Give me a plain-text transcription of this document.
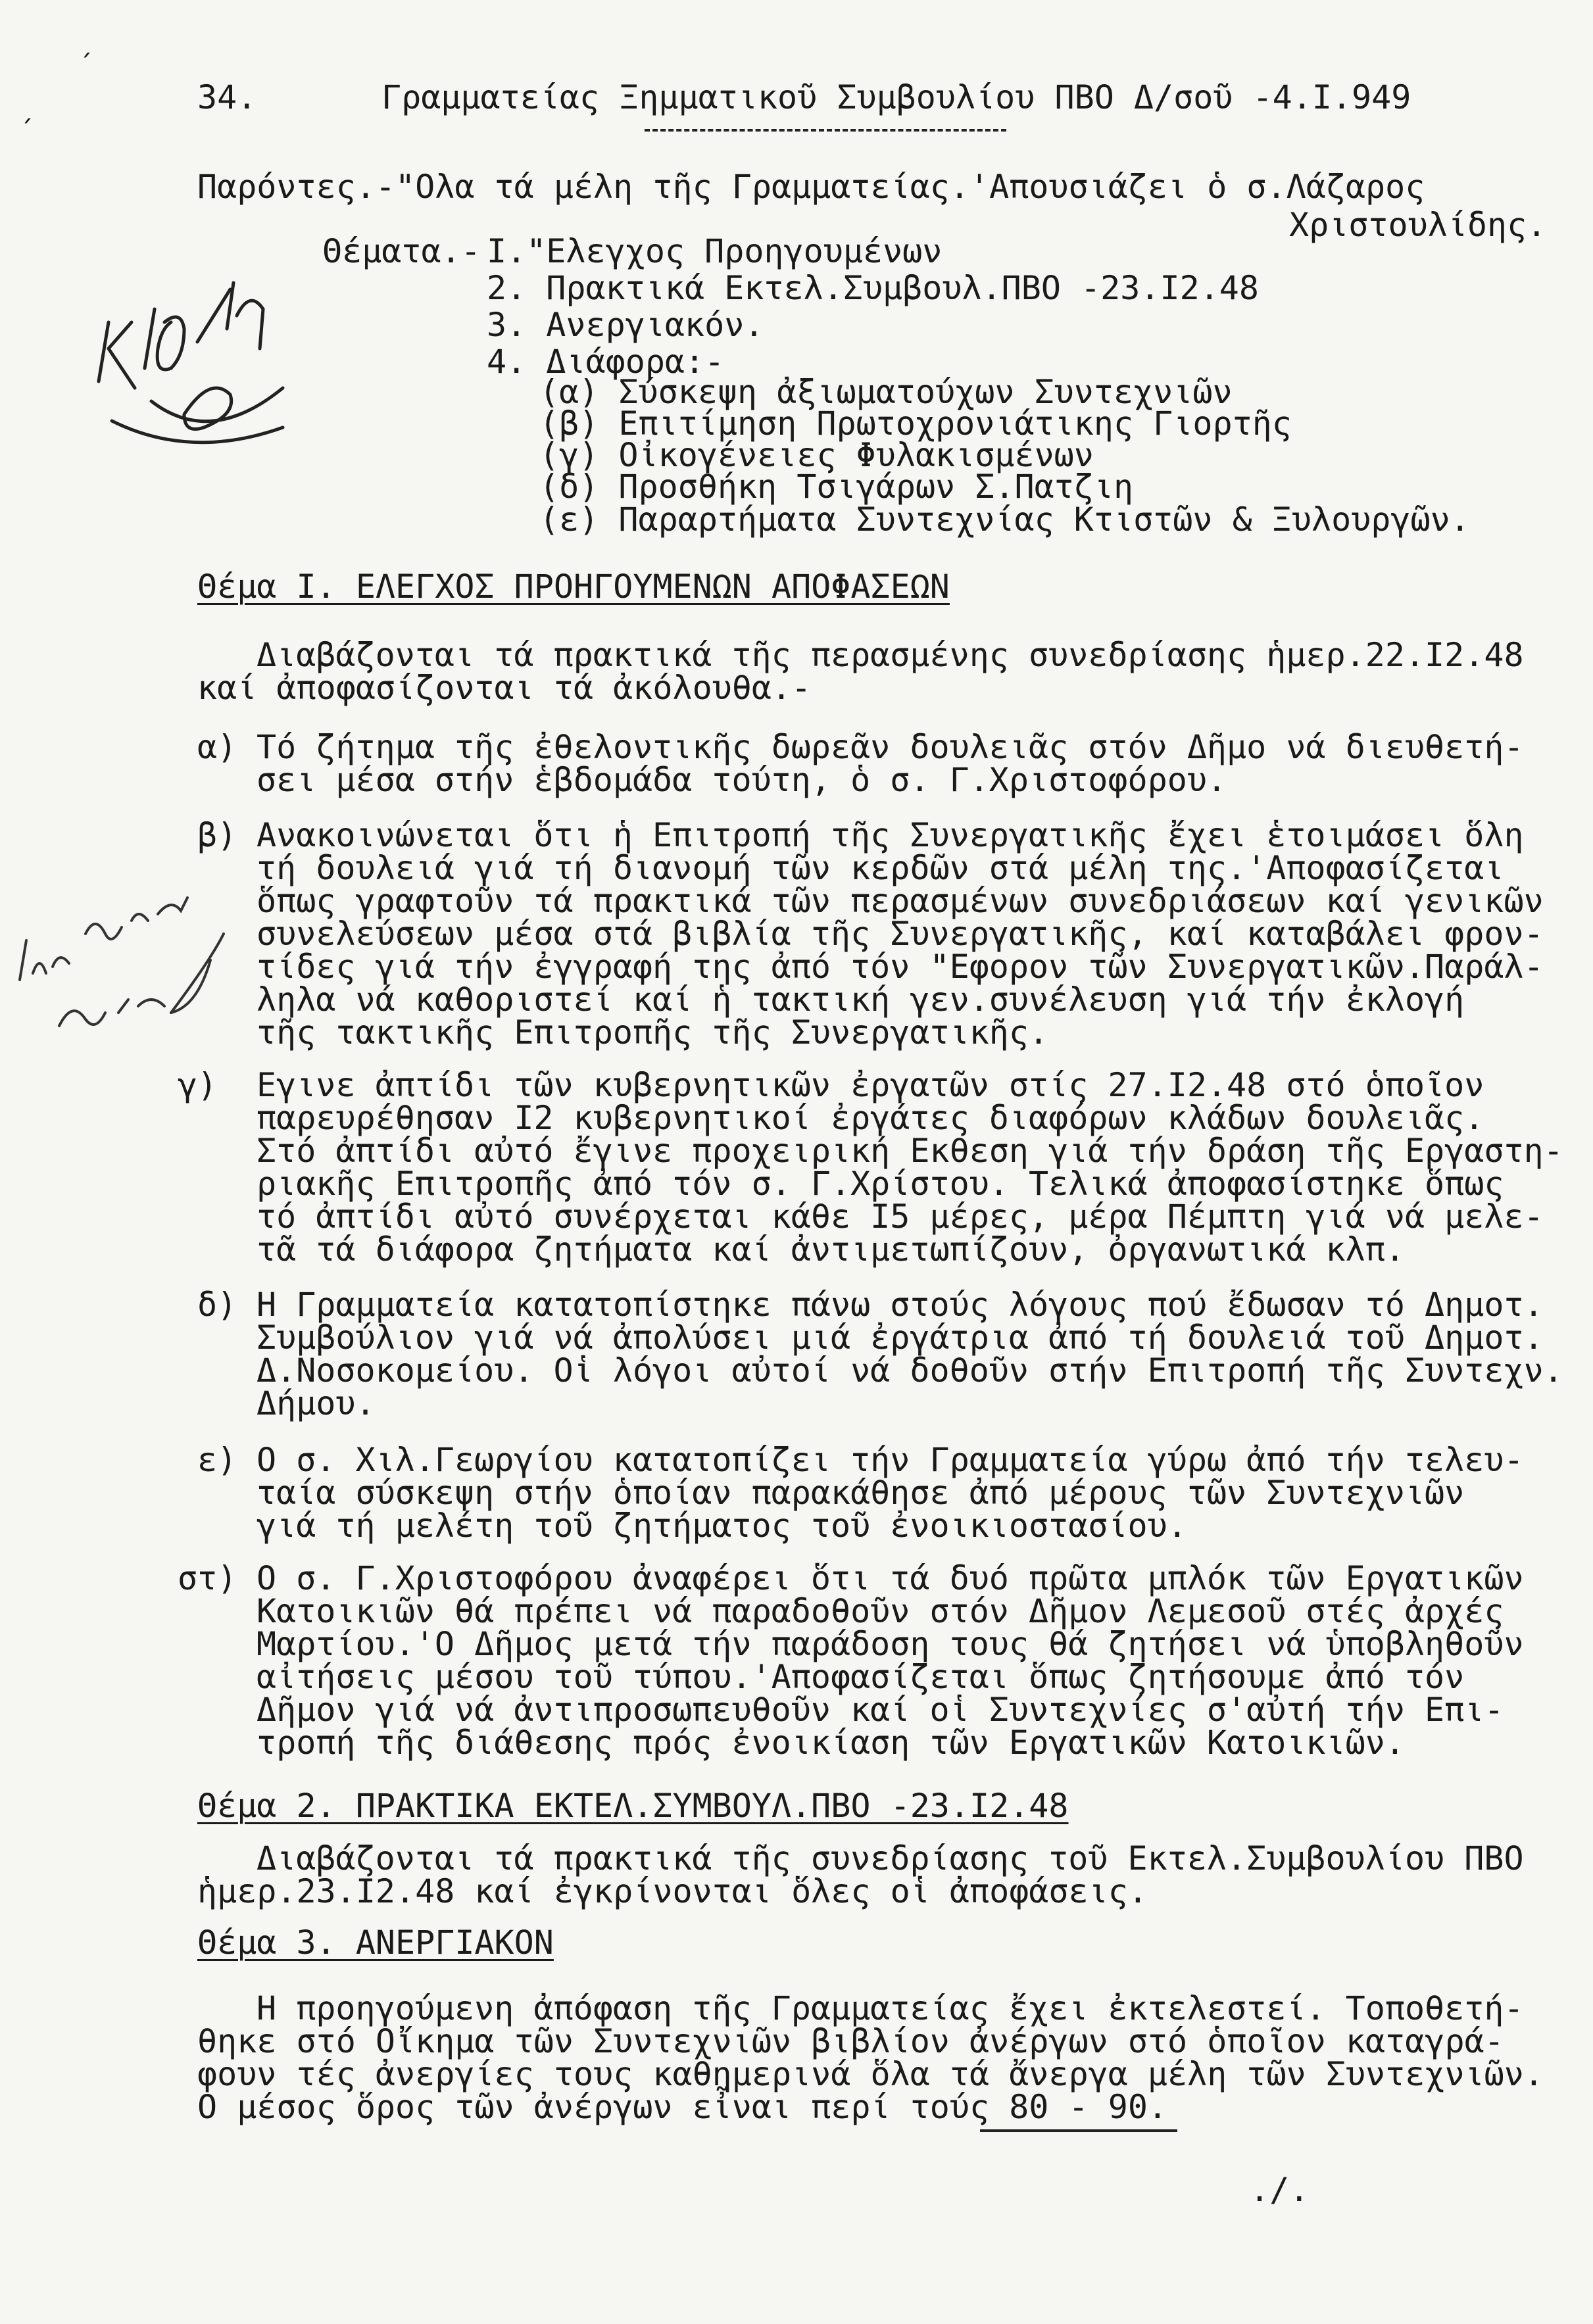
ˏ
ˏ	34.	Γραμματείας Ξημματικοῦ Συμβουλίου ΠΒΟ Δ/σοῦ -4.Ι.949
Παρόντες.-"Ολα τά μέλη τῆς Γραμματείας.'Απουσιάζει ὁ σ.Λάζαρος
Χριστουλίδης.
Θέματα.- Ι."Ελεγχος Προηγουμένων
2. Πρακτικά Εκτελ.Συμβουλ.ΠΒΟ -23.I2.48
3. Ανεργιακόν.
4. Διάφορα:-
(α) Σύσκεψη ἀξιωματούχων Συντεχνιῶν
(β) Επιτίμηση Πρωτοχρονιάτικης Γιορτῆς
(γ) Οἰκογένειες Φυλακισμένων
(δ) Προσθήκη Τσιγάρων Σ.Πατζιη
(ε) Παραρτήματα Συντεχνίας Κτιστῶν & Ξυλουργῶν.
Θέμα Ι. ΕΛΕΓΧΟΣ ΠΡΟΗΓΟΥΜΕΝΩΝ ΑΠΟΦΑΣΕΩΝ
Διαβάζονται τά πρακτικά τῆς περασμένης συνεδρίασης ἡμερ.22.I2.48
καί ἀποφασίζονται τά ἀκόλουθα.-
α) Τό ζήτημα τῆς ἐθελοντικῆς δωρεᾶν δουλειᾶς στόν Δῆμο νά διευθετή-
σει μέσα στήν ἑβδομάδα τούτη, ὁ σ. Γ.Χριστοφόρου.
β) Ανακοινώνεται ὅτι ἡ Επιτροπή τῆς Συνεργατικῆς ἔχει ἑτοιμάσει ὅλη
τή δουλειά γιά τή διανομή τῶν κερδῶν στά μέλη της.'Αποφασίζεται
ὅπως γραφτοῦν τά πρακτικά τῶν περασμένων συνεδριάσεων καί γενικῶν
συνελεύσεων μέσα στά βιβλία τῆς Συνεργατικῆς, καί καταβάλει φρον-
τίδες γιά τήν ἐγγραφή της ἀπό τόν "Εφορον τῶν Συνεργατικῶν.Παράλ-
ληλα νά καθοριστεί καί ἡ τακτική γεν.συνέλευση γιά τήν ἐκλογή
τῆς τακτικῆς Επιτροπῆς τῆς Συνεργατικῆς.
γ) Εγινε ἀπτίδι τῶν κυβερνητικῶν ἐργατῶν στίς 27.I2.48 στό ὁποῖον
παρευρέθησαν I2 κυβερνητικοί ἐργάτες διαφόρων κλάδων δουλειᾶς.
Στό ἀπτίδι αὐτό ἔγινε προχειρική Εκθεση γιά τήν δράση τῆς Εργαστη-
ριακῆς Επιτροπῆς ἀπό τόν σ. Γ.Χρίστου. Τελικά ἀποφασίστηκε ὅπως
τό ἀπτίδι αὐτό συνέρχεται κάθε Ι5 μέρες, μέρα Πέμπτη γιά νά μελε-
τᾶ τά διάφορα ζητήματα καί ἀντιμετωπίζουν, ὀργανωτικά κλπ.
δ) Η Γραμματεία κατατοπίστηκε πάνω στούς λόγους πού ἔδωσαν τό Δημοτ.
Συμβούλιον γιά νά ἀπολύσει μιά ἐργάτρια ἀπό τή δουλειά τοῦ Δημοτ.
Δ.Νοσοκομείου. Οἱ λόγοι αὐτοί νά δοθοῦν στήν Επιτροπή τῆς Συντεχν.
Δήμου.
ε) Ο σ. Χιλ.Γεωργίου κατατοπίζει τήν Γραμματεία γύρω ἀπό τήν τελευ-
ταία σύσκεψη στήν ὁποίαν παρακάθησε ἀπό μέρους τῶν Συντεχνιῶν
γιά τή μελέτη τοῦ ζητήματος τοῦ ἐνοικιοστασίου.
στ) Ο σ. Γ.Χριστοφόρου ἀναφέρει ὅτι τά δυό πρῶτα μπλόκ τῶν Εργατικῶν
Κατοικιῶν θά πρέπει νά παραδοθοῦν στόν Δῆμον Λεμεσοῦ στές ἀρχές
Μαρτίου.'Ο Δῆμος μετά τήν παράδοση τους θά ζητήσει νά ὑποβληθοῦν
αἰτήσεις μέσου τοῦ τύπου.'Αποφασίζεται ὅπως ζητήσουμε ἀπό τόν
Δῆμον γιά νά ἀντιπροσωπευθοῦν καί οἱ Συντεχνίες σ'αὐτή τήν Επι-
τροπή τῆς διάθεσης πρός ἐνοικίαση τῶν Εργατικῶν Κατοικιῶν.
Θέμα 2. ΠΡΑΚΤΙΚΑ ΕΚΤΕΛ.ΣΥΜΒΟΥΛ.ΠΒΟ -23.I2.48
Διαβάζονται τά πρακτικά τῆς συνεδρίασης τοῦ Εκτελ.Συμβουλίου ΠΒΟ
ἡμερ.23.I2.48 καί ἐγκρίνονται ὅλες οἱ ἀποφάσεις.
Θέμα 3. ΑΝΕΡΓΙΑΚΟΝ
Η προηγούμενη ἀπόφαση τῆς Γραμματείας ἔχει ἐκτελεστεί. Τοποθετή-
θηκε στό Οἴκημα τῶν Συντεχνιῶν βιβλίον ἀνέργων στό ὁποῖον καταγρά-
φουν τές ἀνεργίες τους καθημερινά ὅλα τά ἄνεργα μέλη τῶν Συντεχνιῶν.
Ο μέσος ὅρος τῶν ἀνέργων εἶναι περί τούς 80 - 90.
./.
